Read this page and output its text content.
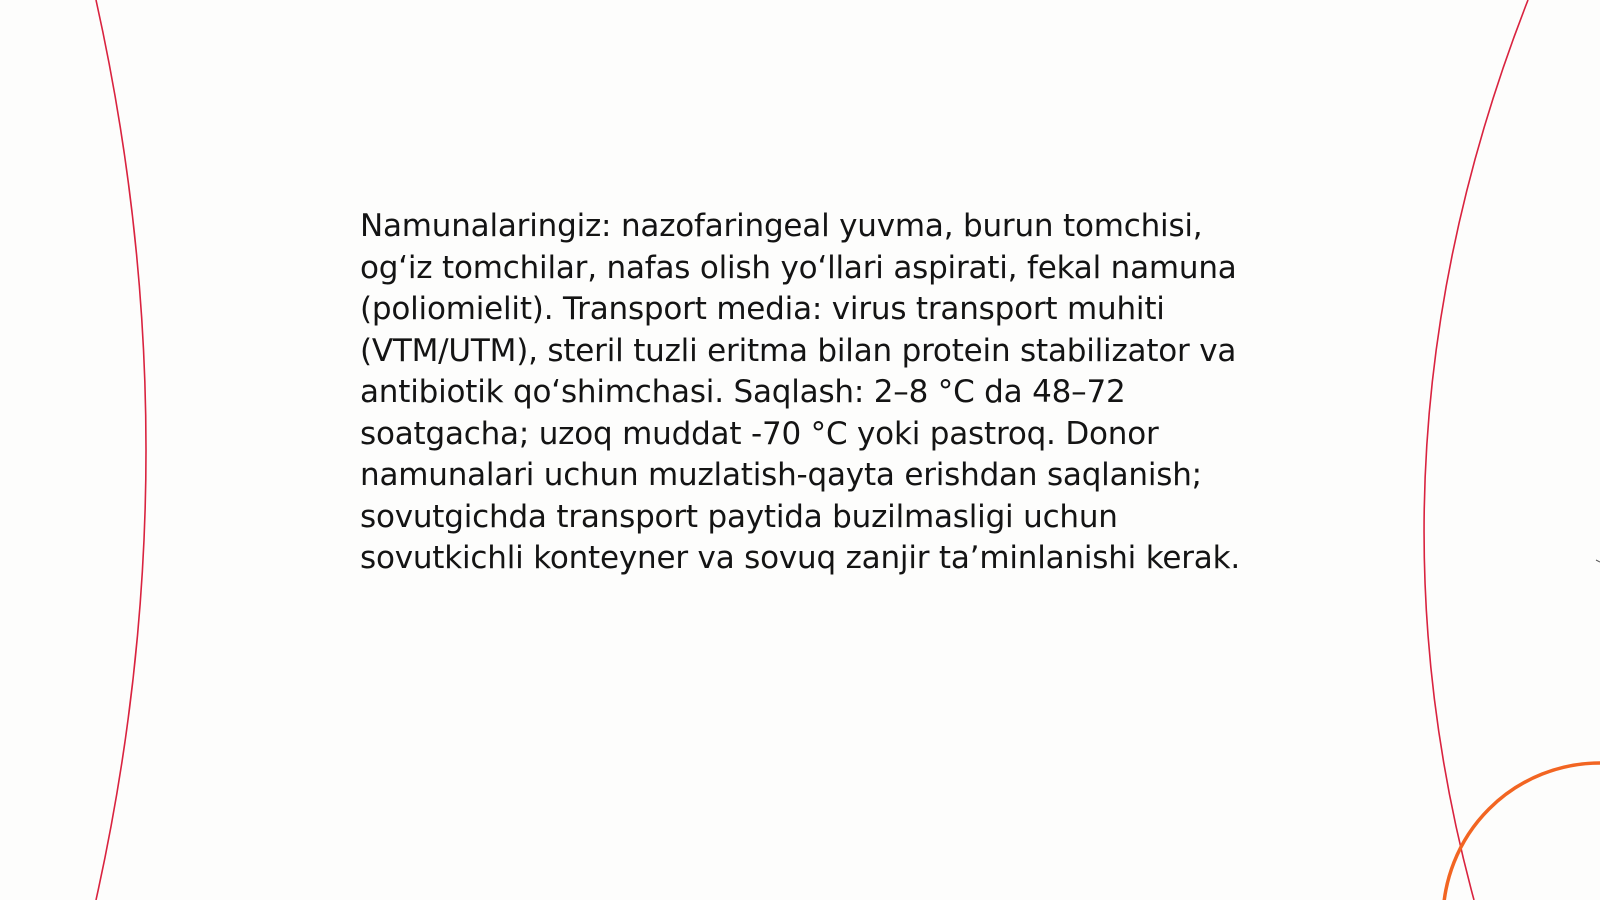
Namunalaringiz: nazofaringeal yuvma, burun tomchisi, og‘iz tomchilar, nafas olish yo‘llari aspirati, fekal namuna (poliomielit). Transport media: virus transport muhiti (VTM/UTM), steril tuzli eritma bilan protein stabilizator va antibiotik qo‘shimchasi. Saqlash: 2–8 °C da 48–72 soatgacha; uzoq muddat -70 °C yoki pastroq. Donor namunalari uchun muzlatish-qayta erishdan saqlanish; sovutgichda transport paytida buzilmasligi uchun sovutkichli konteyner va sovuq zanjir ta’minlanishi kerak.
